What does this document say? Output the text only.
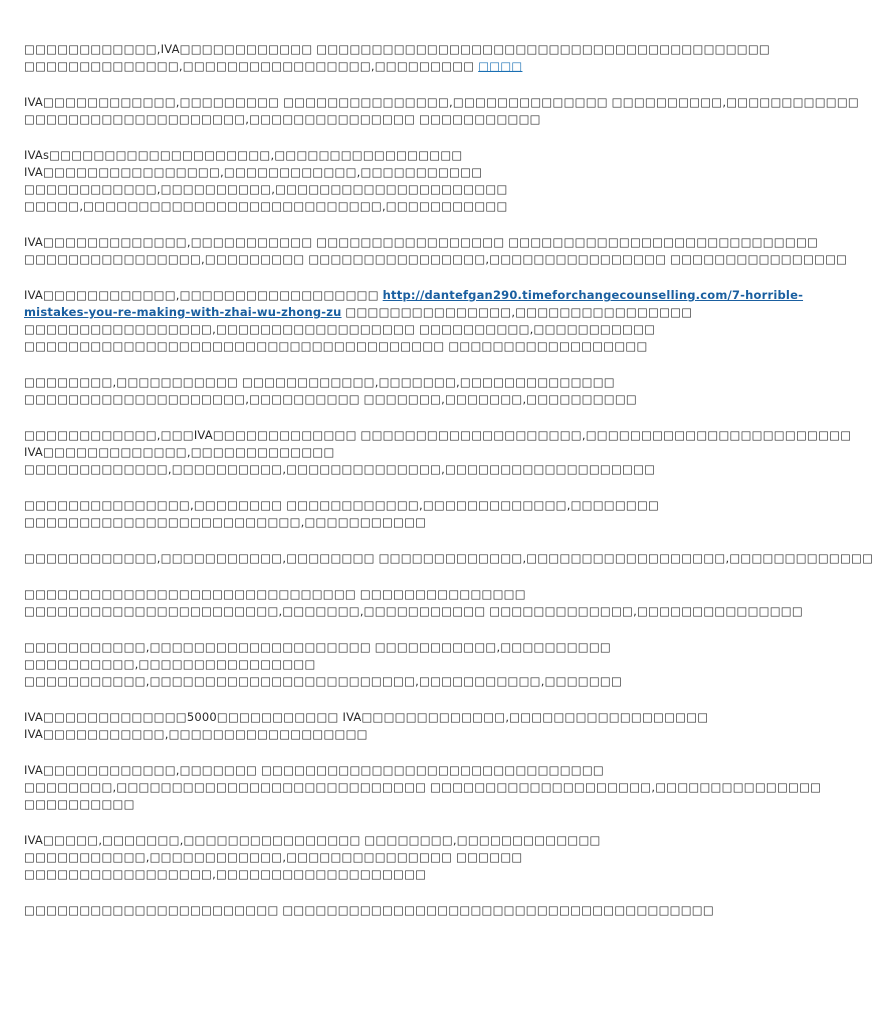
□□□□□□□□□□□□,IVA□□□□□□□□□□□□ □□□□□□□□□□□□□□□□□□□□□□□□□□□□□□□□□□□□□□□□□
□□□□□□□□□□□□□□,□□□□□□□□□□□□□□□□□,□□□□□□□□□ □□□□
IVA□□□□□□□□□□□□,□□□□□□□□□ □□□□□□□□□□□□□□□,□□□□□□□□□□□□□□ □□□□□□□□□□,□□□□□□□□□□□□
□□□□□□□□□□□□□□□□□□□□,□□□□□□□□□□□□□□□ □□□□□□□□□□□
IVAs□□□□□□□□□□□□□□□□□□□□,□□□□□□□□□□□□□□□□□
IVA□□□□□□□□□□□□□□□□,□□□□□□□□□□□□,□□□□□□□□□□□
□□□□□□□□□□□□,□□□□□□□□□□,□□□□□□□□□□□□□□□□□□□□□
□□□□□,□□□□□□□□□□□□□□□□□□□□□□□□□□□,□□□□□□□□□□□
IVA□□□□□□□□□□□□□,□□□□□□□□□□□ □□□□□□□□□□□□□□□□□ □□□□□□□□□□□□□□□□□□□□□□□□□□□□
□□□□□□□□□□□□□□□□,□□□□□□□□□ □□□□□□□□□□□□□□□□,□□□□□□□□□□□□□□□□ □□□□□□□□□□□□□□□□
IVA□□□□□□□□□□□□,□□□□□□□□□□□□□□□□□□ http://dantefgan290.timeforchangecounselling.com/7-horrible-
mistakes-you-re-making-with-zhai-wu-zhong-zu □□□□□□□□□□□□□□□,□□□□□□□□□□□□□□□□
□□□□□□□□□□□□□□□□□,□□□□□□□□□□□□□□□□□□ □□□□□□□□□□,□□□□□□□□□□□
□□□□□□□□□□□□□□□□□□□□□□□□□□□□□□□□□□□□□□ □□□□□□□□□□□□□□□□□□
□□□□□□□□,□□□□□□□□□□□ □□□□□□□□□□□□,□□□□□□□,□□□□□□□□□□□□□□
□□□□□□□□□□□□□□□□□□□□,□□□□□□□□□□ □□□□□□□,□□□□□□□,□□□□□□□□□□
□□□□□□□□□□□□,□□□IVA□□□□□□□□□□□□□ □□□□□□□□□□□□□□□□□□□□,□□□□□□□□□□□□□□□□□□□□□□□□
IVA□□□□□□□□□□□□□,□□□□□□□□□□□□□
□□□□□□□□□□□□□,□□□□□□□□□□,□□□□□□□□□□□□□□,□□□□□□□□□□□□□□□□□□□
□□□□□□□□□□□□□□□,□□□□□□□□ □□□□□□□□□□□□,□□□□□□□□□□□□□,□□□□□□□□
□□□□□□□□□□□□□□□□□□□□□□□□□,□□□□□□□□□□□
□□□□□□□□□□□□,□□□□□□□□□□□,□□□□□□□□ □□□□□□□□□□□□□,□□□□□□□□□□□□□□□□□□,□□□□□□□□□□□□□
□□□□□□□□□□□□□□□□□□□□□□□□□□□□□□ □□□□□□□□□□□□□□□
□□□□□□□□□□□□□□□□□□□□□□□,□□□□□□□,□□□□□□□□□□□ □□□□□□□□□□□□□,□□□□□□□□□□□□□□□
□□□□□□□□□□□,□□□□□□□□□□□□□□□□□□□□ □□□□□□□□□□□,□□□□□□□□□□
□□□□□□□□□□,□□□□□□□□□□□□□□□□
□□□□□□□□□□□,□□□□□□□□□□□□□□□□□□□□□□□□,□□□□□□□□□□□,□□□□□□□
IVA□□□□□□□□□□□□□5000□□□□□□□□□□□ IVA□□□□□□□□□□□□□,□□□□□□□□□□□□□□□□□□
IVA□□□□□□□□□□□,□□□□□□□□□□□□□□□□□□
IVA□□□□□□□□□□□□,□□□□□□□ □□□□□□□□□□□□□□□□□□□□□□□□□□□□□□□
□□□□□□□□,□□□□□□□□□□□□□□□□□□□□□□□□□□□□ □□□□□□□□□□□□□□□□□□□□,□□□□□□□□□□□□□□□
□□□□□□□□□□
IVA□□□□□,□□□□□□□,□□□□□□□□□□□□□□□□ □□□□□□□□,□□□□□□□□□□□□□
□□□□□□□□□□□,□□□□□□□□□□□□,□□□□□□□□□□□□□□□ □□□□□□
□□□□□□□□□□□□□□□□□,□□□□□□□□□□□□□□□□□□□
□□□□□□□□□□□□□□□□□□□□□□□ □□□□□□□□□□□□□□□□□□□□□□□□□□□□□□□□□□□□□□□
